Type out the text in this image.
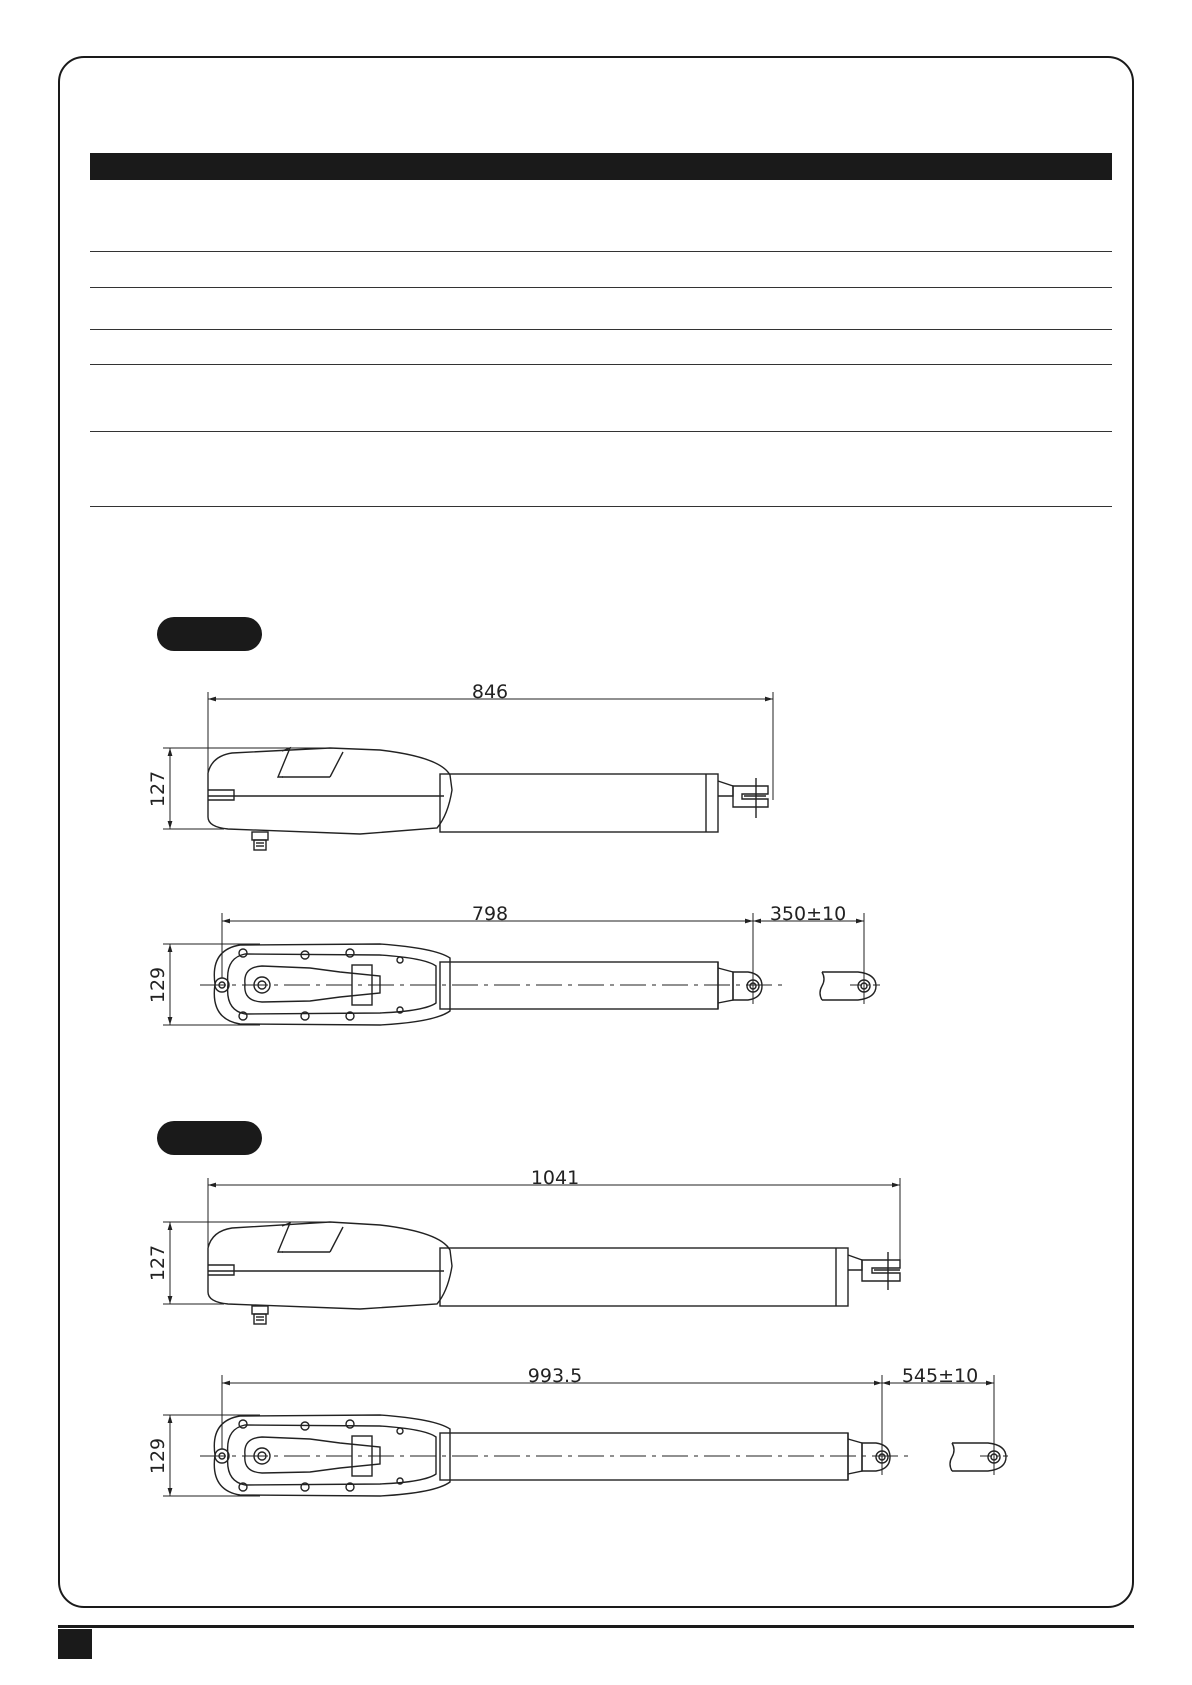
846
127
798	350±10
129
1041
127
993.5	545±10
129
